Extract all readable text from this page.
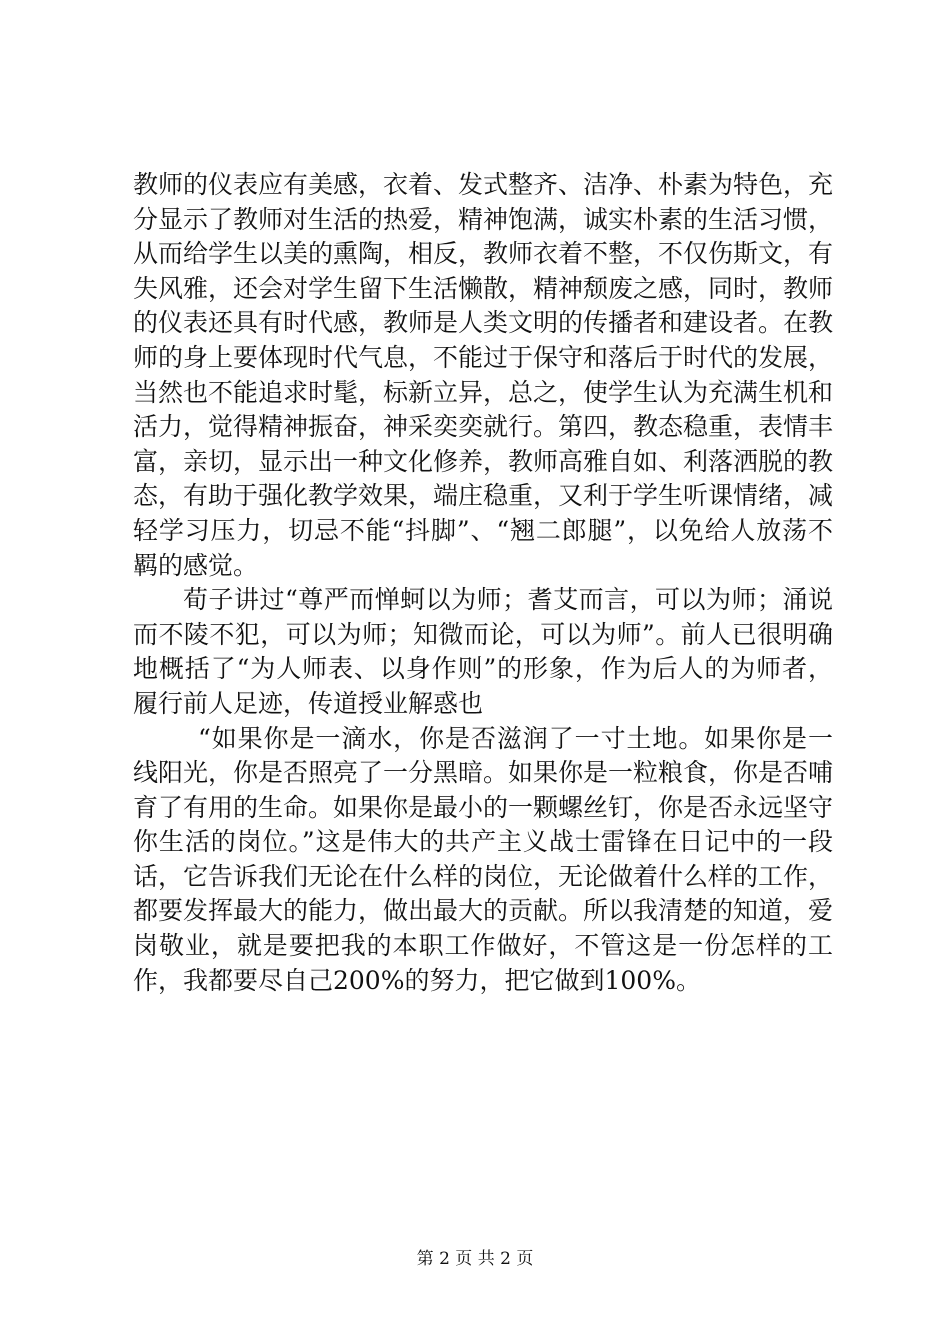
教师的仪表应有美感，衣着、发式整齐、洁净、朴素为特色，充分显示了教师对生活的热爱，精神饱满，诚实朴素的生活习惯，从而给学生以美的熏陶，相反，教师衣着不整，不仅伤斯文，有失风雅，还会对学生留下生活懒散，精神颓废之感，同时，教师的仪表还具有时代感，教师是人类文明的传播者和建设者。在教师的身上要体现时代气息，不能过于保守和落后于时代的发展，当然也不能追求时髦，标新立异，总之，使学生认为充满生机和活力，觉得精神振奋，神采奕奕就行。第四，教态稳重，表情丰富，亲切，显示出一种文化修养，教师高雅自如、利落洒脱的教态，有助于强化教学效果，端庄稳重，又利于学生听课情绪，减轻学习压力，切忌不能“抖脚”、“翘二郎腿”，以免给人放荡不羁的感觉。

荀子讲过“尊严而惮蚵以为师；耆艾而言，可以为师；涌说而不陵不犯，可以为师；知微而论，可以为师”。前人已很明确地概括了“为人师表、以身作则”的形象，作为后人的为师者，履行前人足迹，传道授业解惑也

“如果你是一滴水，你是否滋润了一寸土地。如果你是一线阳光，你是否照亮了一分黑暗。如果你是一粒粮食，你是否哺育了有用的生命。如果你是最小的一颗螺丝钉，你是否永远坚守你生活的岗位。”这是伟大的共产主义战士雷锋在日记中的一段话，它告诉我们无论在什么样的岗位，无论做着什么样的工作，都要发挥最大的能力，做出最大的贡献。所以我清楚的知道，爱岗敬业，就是要把我的本职工作做好，不管这是一份怎样的工作，我都要尽自己200%的努力，把它做到100%。

第 2 页 共 2 页
